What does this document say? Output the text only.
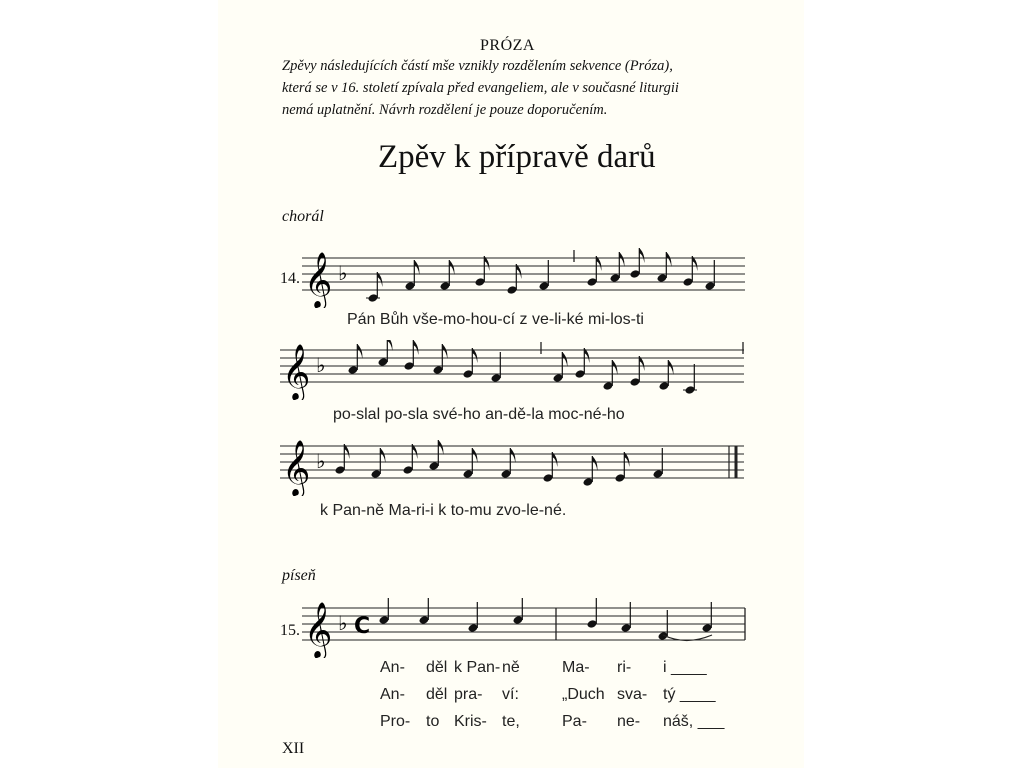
PRÓZA
Zpěvy následujících částí mše vznikly rozdělením sekvence (Próza),
která se v 16. století zpívala před evangeliem, ale v současné liturgii
nemá uplatnění. Návrh rozdělení je pouze doporučením.
Zpěv k přípravě darů
chorál
14. 𝄞 ♭
Pán Bůh vše-mo-hou-cí z ve-li-ké mi-los-ti
𝄞 ♭
po-slal po-sla své-ho an-dě-la moc-né-ho
𝄞 ♭
k Pan-ně Ma-ri-i k to-mu zvo-le-né.
píseň
15. 𝄞 ♭ C
An- děl k Pan- ně	Ma- ri- i ____
An- děl pra- ví:	„Duch sva- tý ____
Pro- to Kris- te,	Pa- ne- náš, ___
XII
